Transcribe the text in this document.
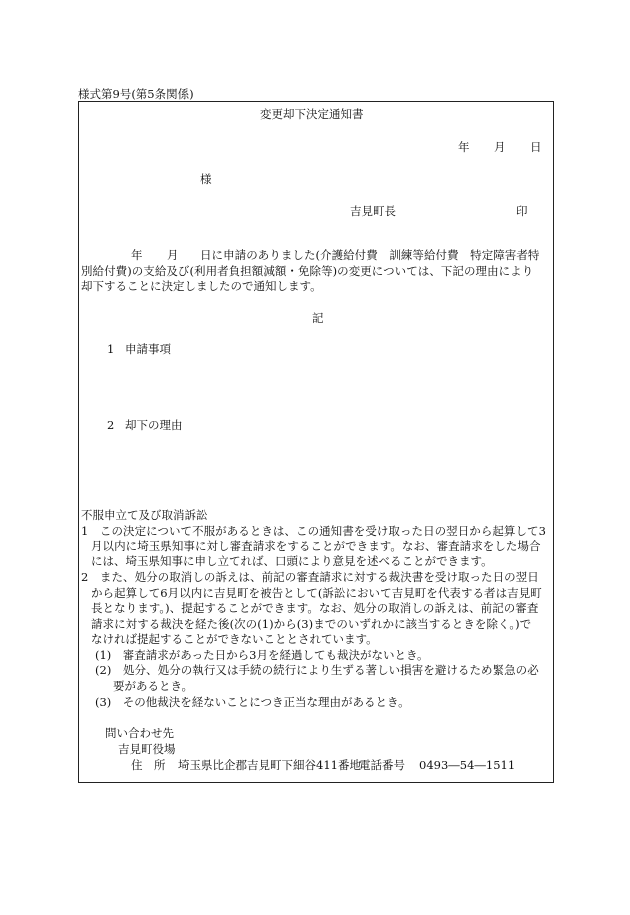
様式第9号(第5条関係)
変更却下決定通知書
年 月 日
様
吉見町長	印
年 月 日に申請のありました(介護給付費　訓練等給付費　特定障害者特
別給付費)の支給及び(利用者負担額減額・免除等)の変更については、下記の理由により
却下することに決定しましたので通知します。
記
1 申請事項
2 却下の理由
不服申立て及び取消訴訟
1　この決定について不服があるときは、この通知書を受け取った日の翌日から起算して3
月以内に埼玉県知事に対し審査請求をすることができます。なお、審査請求をした場合
には、埼玉県知事に申し立てれば、口頭により意見を述べることができます。
2　また、処分の取消しの訴えは、前記の審査請求に対する裁決書を受け取った日の翌日
から起算して6月以内に吉見町を被告として(訴訟において吉見町を代表する者は吉見町
長となります。)、提起することができます。なお、処分の取消しの訴えは、前記の審査
請求に対する裁決を経た後(次の(1)から(3)までのいずれかに該当するときを除く。)で
なければ提起することができないこととされています。
(1)　審査請求があった日から3月を経過しても裁決がないとき。
(2)　処分、処分の執行又は手続の続行により生ずる著しい損害を避けるため緊急の必
要があるとき。
(3)　その他裁決を経ないことにつき正当な理由があるとき。
問い合わせ先
吉見町役場
住　所 埼玉県比企郡吉見町下細谷411番地
電話番号 0493―54―1511
